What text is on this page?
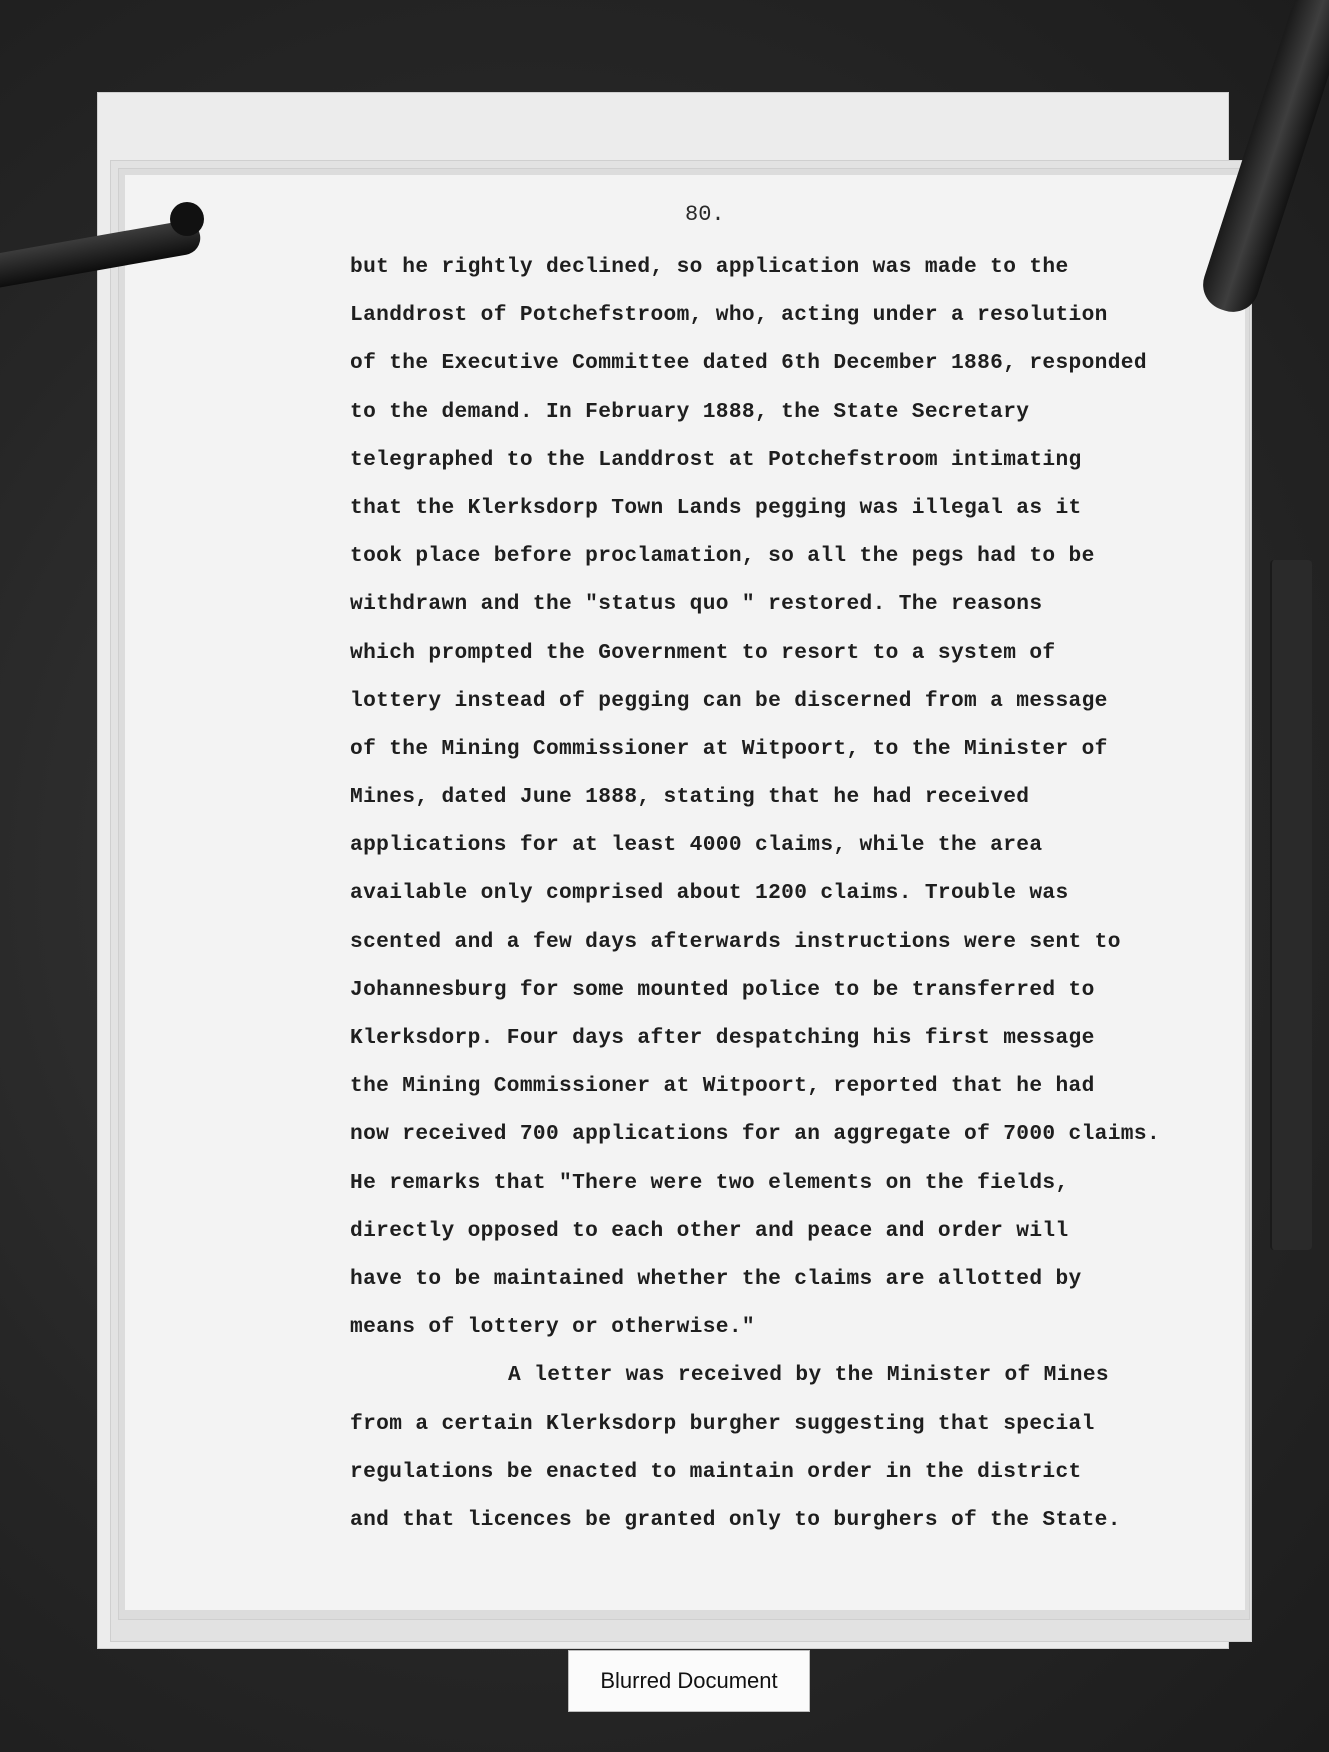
80.
but he rightly declined, so application was made to the
Landdrost of Potchefstroom, who, acting under a resolution
of the Executive Committee dated 6th December 1886, responded
to the demand. In February 1888, the State Secretary
telegraphed to the Landdrost at Potchefstroom intimating
that the Klerksdorp Town Lands pegging was illegal as it
took place before proclamation, so all the pegs had to be
withdrawn and the "status quo " restored. The reasons
which prompted the Government to resort to a system of
lottery instead of pegging can be discerned from a message
of the Mining Commissioner at Witpoort, to the Minister of
Mines, dated June 1888, stating that he had received
applications for at least 4000 claims, while the area
available only comprised about 1200 claims. Trouble was
scented and a few days afterwards instructions were sent to
Johannesburg for some mounted police to be transferred to
Klerksdorp. Four days after despatching his first message
the Mining Commissioner at Witpoort, reported that he had
now received 700 applications for an aggregate of 7000 claims.
He remarks that "There were two elements on the fields,
directly opposed to each other and peace and order will
have to be maintained whether the claims are allotted by
means of lottery or otherwise."
A letter was received by the Minister of Mines
from a certain Klerksdorp burgher suggesting that special
regulations be enacted to maintain order in the district
and that licences be granted only to burghers of the State.
Blurred Document
